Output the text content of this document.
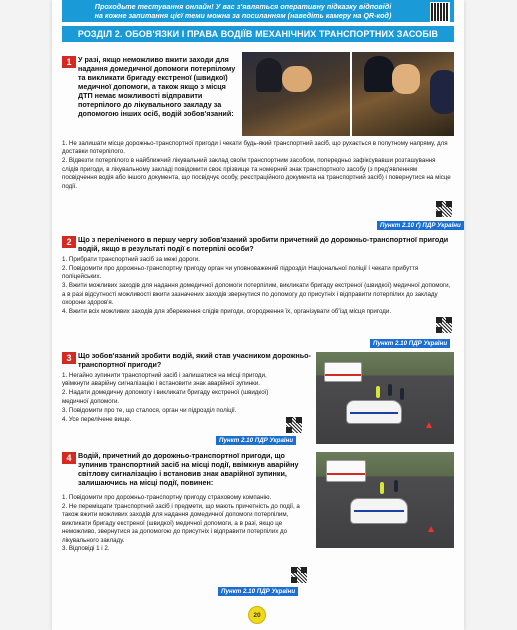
Проходьте тестування онлайн! У вас з'являться оперативну підказку відповіді
на кожне запитання цієї теми можна за посиланням (наведіть камеру на QR-код)
РОЗДІЛ 2. ОБОВ'ЯЗКИ І ПРАВА ВОДІЇВ МЕХАНІЧНИХ ТРАНСПОРТНИХ ЗАСОБІВ
1 У разі, якщо неможливо вжити заходи для надання домедичної допомоги потерпілому та викликати бригаду екстреної (швидкої) медичної допомоги, а також якщо з місця ДТП немає можливості відправити потерпілого до лікувального закладу за допомогою інших осіб, водій зобов'язаний:

1. Не залишати місце дорожньо-транспортної пригоди і чекати будь-який транспортний засіб, що рухається в попутному напряму, для доставки потерпілого.

2. Відвезти потерпілого в найближчий лікувальний заклад своїм транспортним засобом, попередньо зафіксувавши розташування слідів пригоди, в лікувальному закладі повідомити своє прізвище та номерний знак транспортного засобу (з пред'явленням посвідчення водія або іншого документа, що посвідчує особу, реєстраційного документа на транспортний засіб) і повернутися на місце події.

Пункт 2.10 ґ) ПДР України
2 Що з переліченого в першу чергу зобов'язаний зробити причетний до дорожньо-транспортної пригоди водій, якщо в результаті події є потерпілі особи?

1. Прибрати транспортний засіб за межі дороги.

2. Повідомити про дорожньо-транспортну пригоду орган чи уповноважений підрозділ Національної поліції і чекати прибуття поліцейських.

3. Вжити можливих заходів для надання домедичної допомоги потерпілим, викликати бригаду екстреної (швидкої) медичної допомоги, а в разі відсутності можливості вжити зазначених заходів звернутися по допомогу до присутніх і відправити потерпілих до закладу охорони здоров'я.

4. Вжити всіх можливих заходів для збереження слідів пригоди, огородження їх, організувати об'їзд місця пригоди.

Пункт 2.10 ПДР України
3 Що зобов'язаний зробити водій, який став учасником дорожньо-транспортної пригоди?

1. Негайно зупинити транспортний засіб і залишатися на місці пригоди, увімкнути аварійну сигналізацію і встановити знак аварійної зупинки.

2. Надати домедичну допомогу і викликати бригаду екстреної (швидкої) медичної допомоги.

3. Повідомити про те, що сталося, орган чи підрозділ поліції.

4. Усе перелічене вище.

Пункт 2.10 ПДР України
4 Водій, причетний до дорожньо-транспортної пригоди, що зупинив транспортний засіб на місці події, ввімкнув аварійну світлову сигналізацію і встановив знак аварійної зупинки, залишаючись на місці події, повинен:

1. Повідомити про дорожньо-транспортну пригоду страховому компанію.

2. Не переміщати транспортний засіб і предмети, що мають причетність до події, а також вжити можливих заходів для надання домедичної допомоги потерпілим, викликати бригаду екстреної (швидкої) медичної допомоги, а в разі, якщо це неможливо, звернутися за допомогою до присутніх і відправити потерпілих до лікувального закладу.

3. Відповіді 1 і 2.

Пункт 2.10 ПДР України
20
